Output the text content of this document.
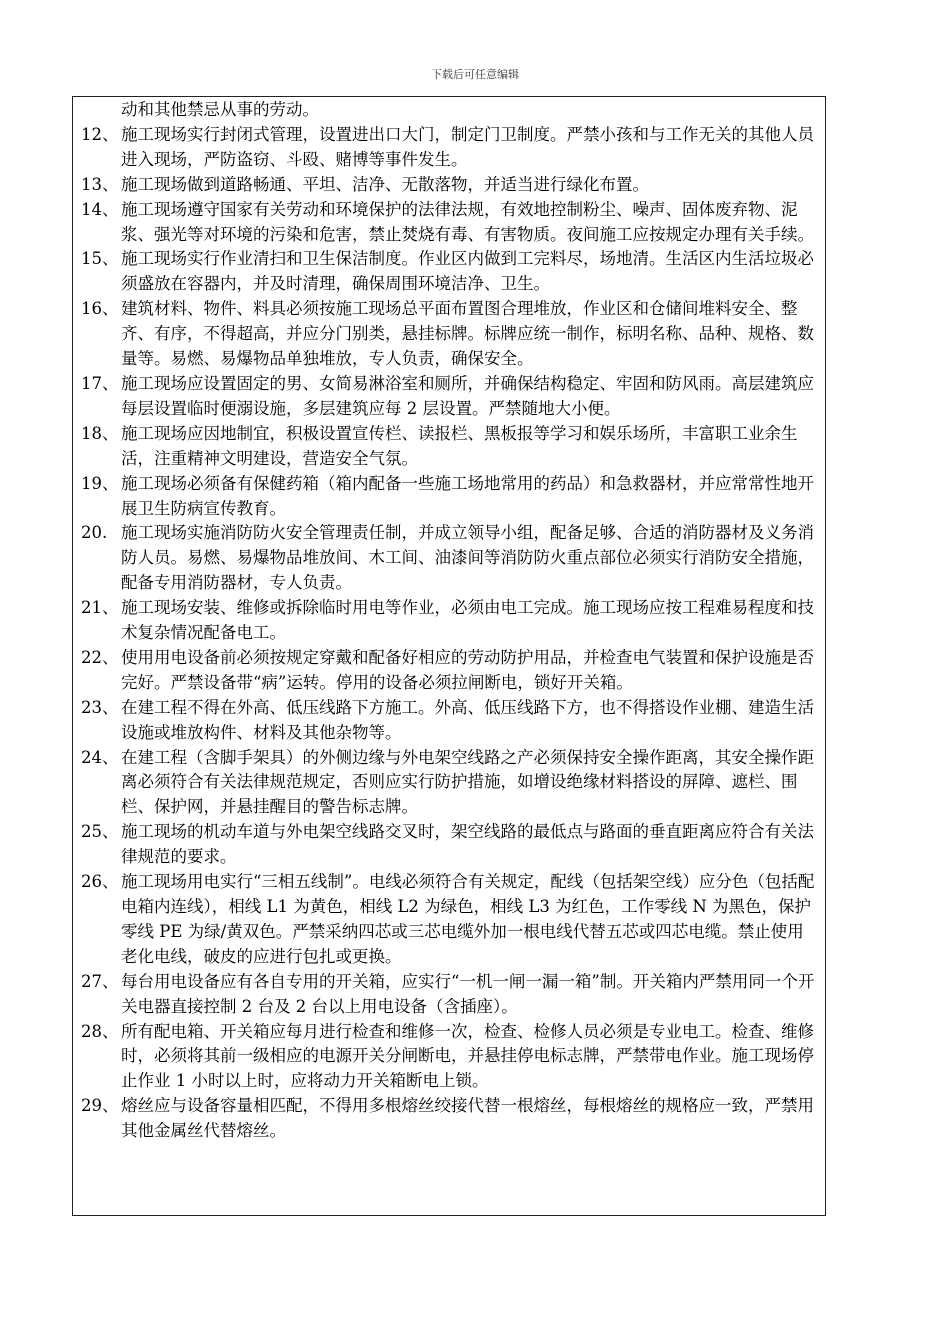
下载后可任意编辑
动和其他禁忌从事的劳动。
12、 施工现场实行封闭式管理，设置进出口大门，制定门卫制度。严禁小孩和与工作无关的其他人员进入现场，严防盗窃、斗殴、赌博等事件发生。
13、 施工现场做到道路畅通、平坦、洁净、无散落物，并适当进行绿化布置。
14、 施工现场遵守国家有关劳动和环境保护的法律法规，有效地控制粉尘、噪声、固体废弃物、泥浆、强光等对环境的污染和危害，禁止焚烧有毒、有害物质。夜间施工应按规定办理有关手续。
15、 施工现场实行作业清扫和卫生保洁制度。作业区内做到工完料尽，场地清。生活区内生活垃圾必须盛放在容器内，并及时清理，确保周围环境洁净、卫生。
16、 建筑材料、物件、料具必须按施工现场总平面布置图合理堆放，作业区和仓储间堆料安全、整齐、有序，不得超高，并应分门别类，悬挂标牌。标牌应统一制作，标明名称、品种、规格、数量等。易燃、易爆物品单独堆放，专人负责，确保安全。
17、 施工现场应设置固定的男、女简易淋浴室和厕所，并确保结构稳定、牢固和防风雨。高层建筑应每层设置临时便溺设施，多层建筑应每 2 层设置。严禁随地大小便。
18、 施工现场应因地制宜，积极设置宣传栏、读报栏、黑板报等学习和娱乐场所，丰富职工业余生活，注重精神文明建设，营造安全气氛。
19、 施工现场必须备有保健药箱（箱内配备一些施工场地常用的药品）和急救器材，并应常常性地开展卫生防病宣传教育。
20. 施工现场实施消防防火安全管理责任制，并成立领导小组，配备足够、合适的消防器材及义务消防人员。易燃、易爆物品堆放间、木工间、油漆间等消防防火重点部位必须实行消防安全措施，配备专用消防器材，专人负责。
21、 施工现场安装、维修或拆除临时用电等作业，必须由电工完成。施工现场应按工程难易程度和技术复杂情况配备电工。
22、 使用用电设备前必须按规定穿戴和配备好相应的劳动防护用品，并检查电气装置和保护设施是否完好。严禁设备带“病”运转。停用的设备必须拉闸断电，锁好开关箱。
23、 在建工程不得在外高、低压线路下方施工。外高、低压线路下方，也不得搭设作业棚、建造生活设施或堆放构件、材料及其他杂物等。
24、 在建工程（含脚手架具）的外侧边缘与外电架空线路之产必须保持安全操作距离，其安全操作距离必须符合有关法律规范规定，否则应实行防护措施，如增设绝缘材料搭设的屏障、遮栏、围栏、保护网，并悬挂醒目的警告标志牌。
25、 施工现场的机动车道与外电架空线路交叉时，架空线路的最低点与路面的垂直距离应符合有关法律规范的要求。
26、 施工现场用电实行“三相五线制”。电线必须符合有关规定，配线（包括架空线）应分色（包括配电箱内连线），相线 L1 为黄色，相线 L2 为绿色，相线 L3 为红色，工作零线 N 为黑色，保护零线 PE 为绿/黄双色。严禁采纳四芯或三芯电缆外加一根电线代替五芯或四芯电缆。禁止使用老化电线，破皮的应进行包扎或更换。
27、 每台用电设备应有各自专用的开关箱，应实行“一机一闸一漏一箱”制。开关箱内严禁用同一个开关电器直接控制 2 台及 2 台以上用电设备（含插座）。
28、 所有配电箱、开关箱应每月进行检查和维修一次，检查、检修人员必须是专业电工。检查、维修时，必须将其前一级相应的电源开关分闸断电，并悬挂停电标志牌，严禁带电作业。施工现场停止作业 1 小时以上时，应将动力开关箱断电上锁。
29、 熔丝应与设备容量相匹配，不得用多根熔丝绞接代替一根熔丝，每根熔丝的规格应一致，严禁用其他金属丝代替熔丝。
